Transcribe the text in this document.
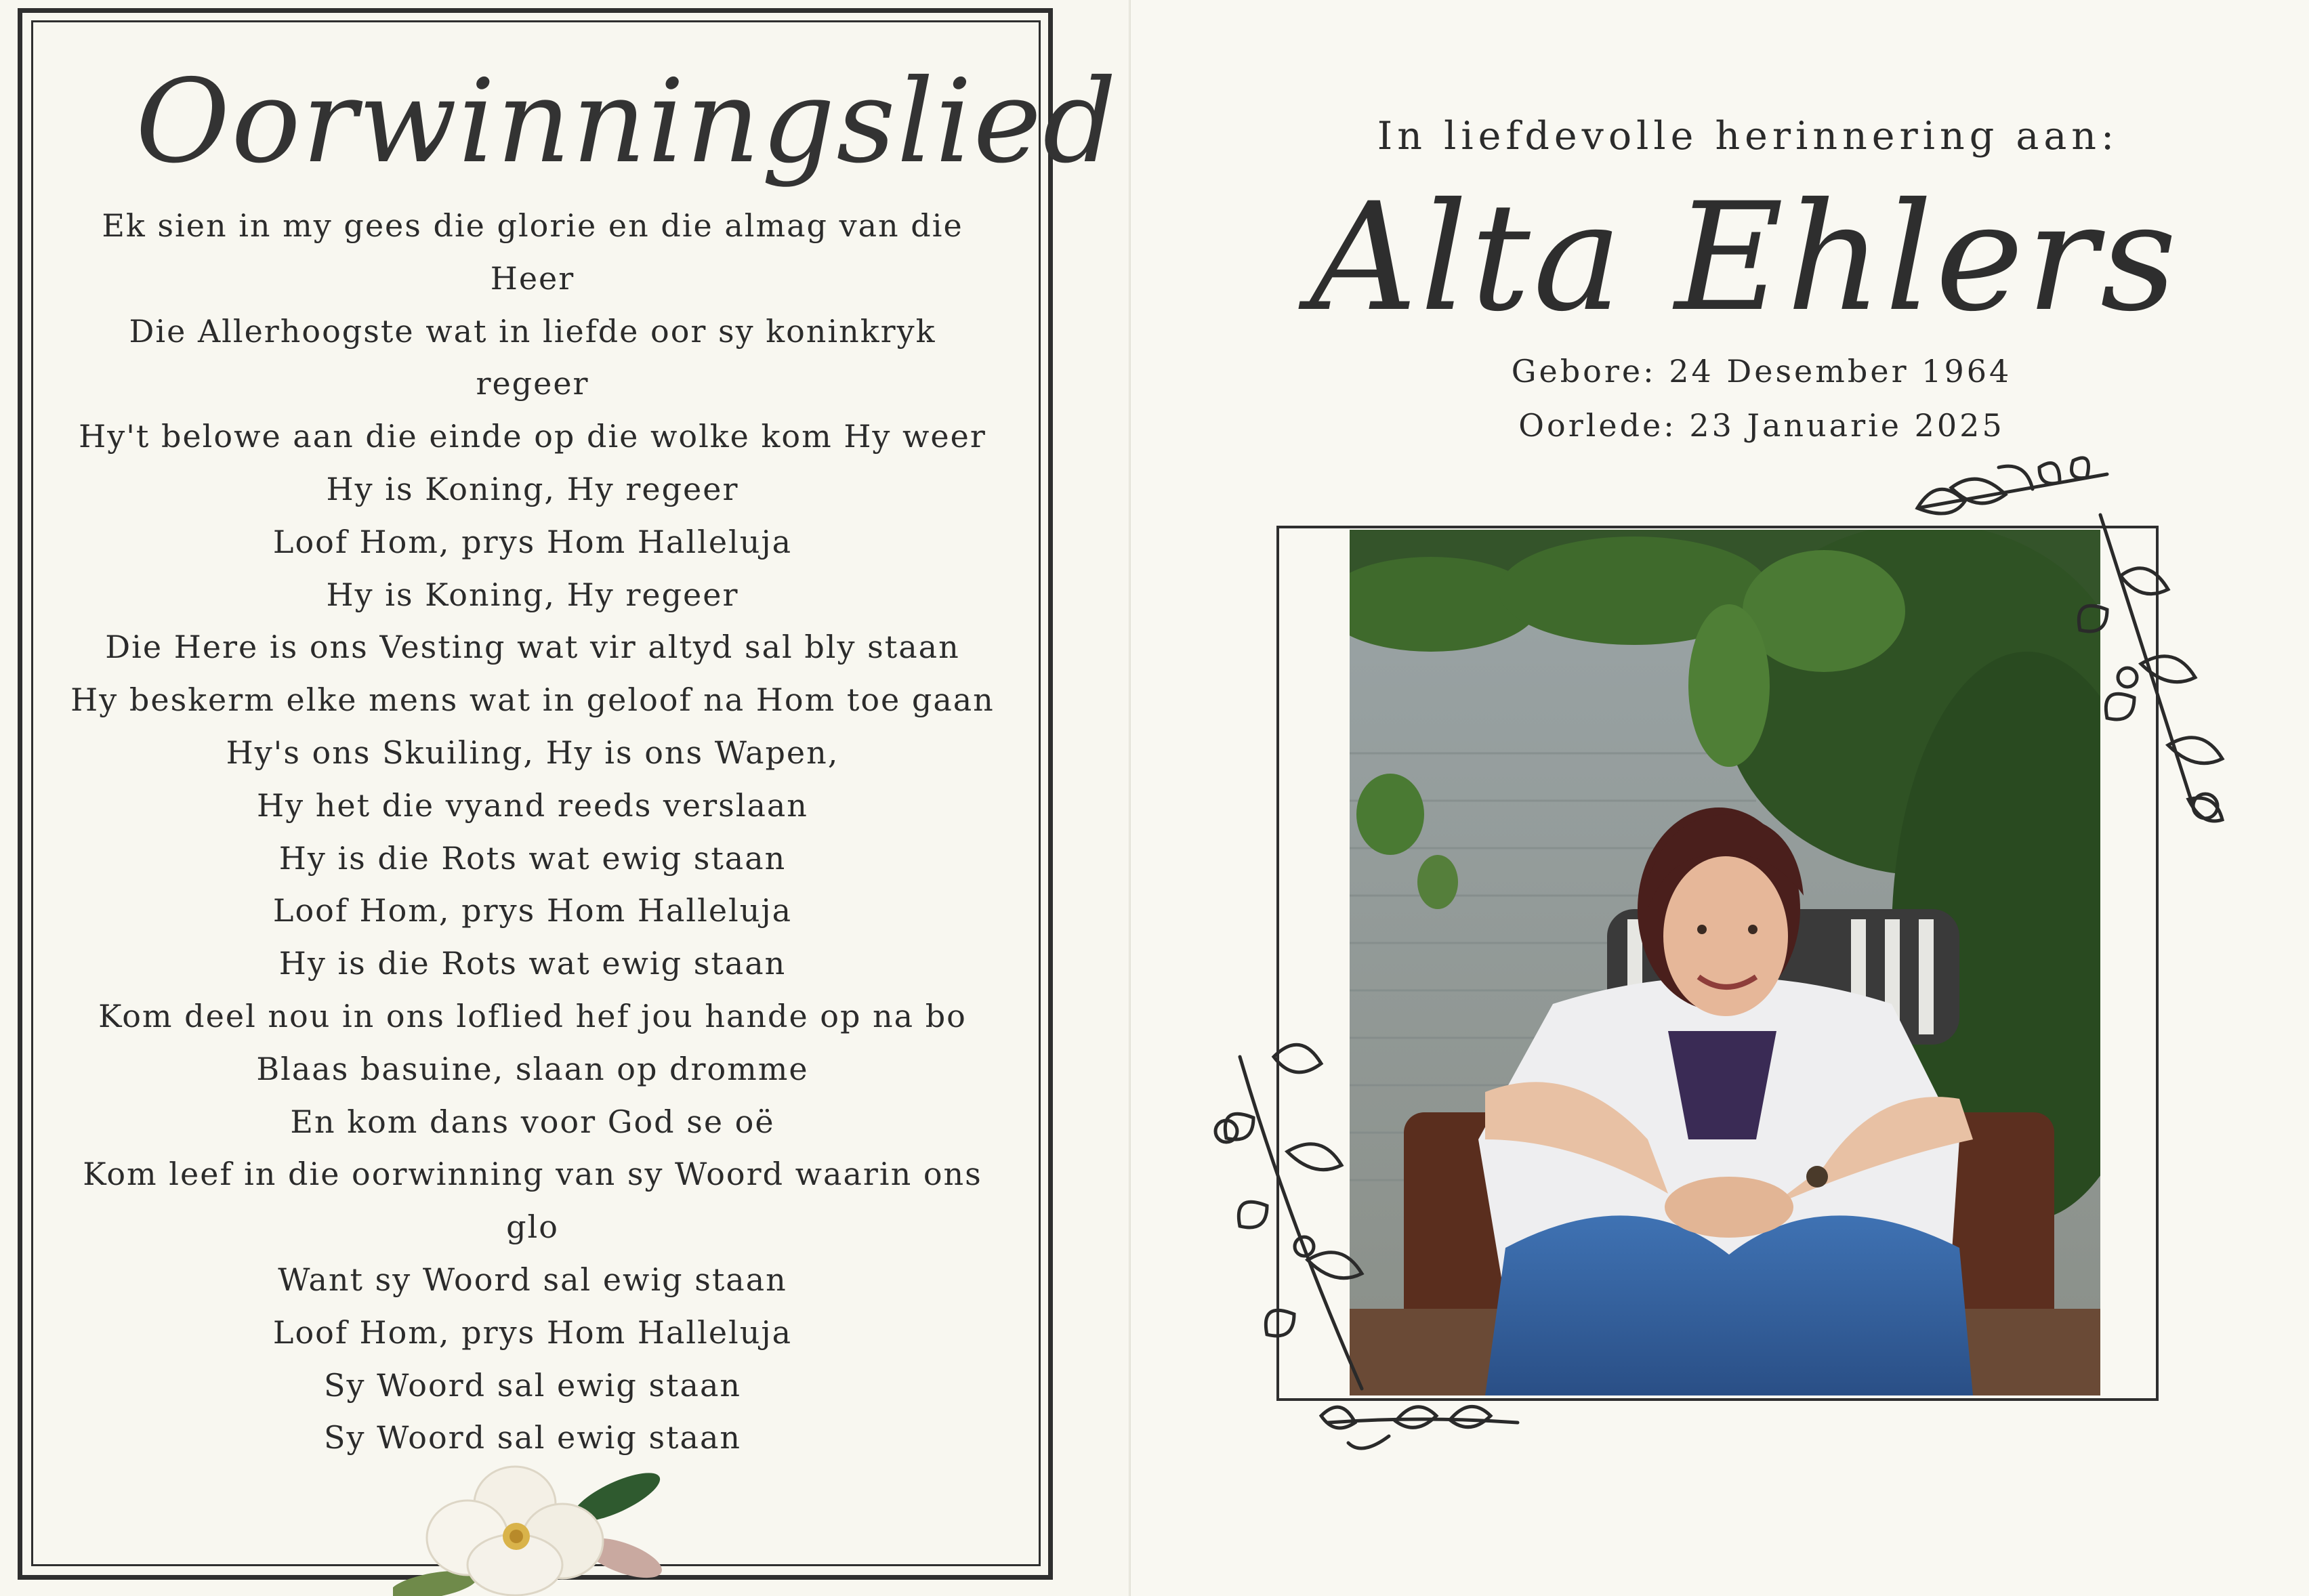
Oorwinningslied
Ek sien in my gees die glorie en die almag van die
Heer
Die Allerhoogste wat in liefde oor sy koninkryk
regeer
Hy't belowe aan die einde op die wolke kom Hy weer
Hy is Koning, Hy regeer
Loof Hom, prys Hom Halleluja
Hy is Koning, Hy regeer
Die Here is ons Vesting wat vir altyd sal bly staan
Hy beskerm elke mens wat in geloof na Hom toe gaan
Hy's ons Skuiling, Hy is ons Wapen,
Hy het die vyand reeds verslaan
Hy is die Rots wat ewig staan
Loof Hom, prys Hom Halleluja
Hy is die Rots wat ewig staan
Kom deel nou in ons loflied hef jou hande op na bo
Blaas basuine, slaan op dromme
En kom dans voor God se oë
Kom leef in die oorwinning van sy Woord waarin ons
glo
Want sy Woord sal ewig staan
Loof Hom, prys Hom Halleluja
Sy Woord sal ewig staan
Sy Woord sal ewig staan
In liefdevolle herinnering aan:
Alta Ehlers
Gebore: 24 Desember 1964
Oorlede: 23 Januarie 2025
